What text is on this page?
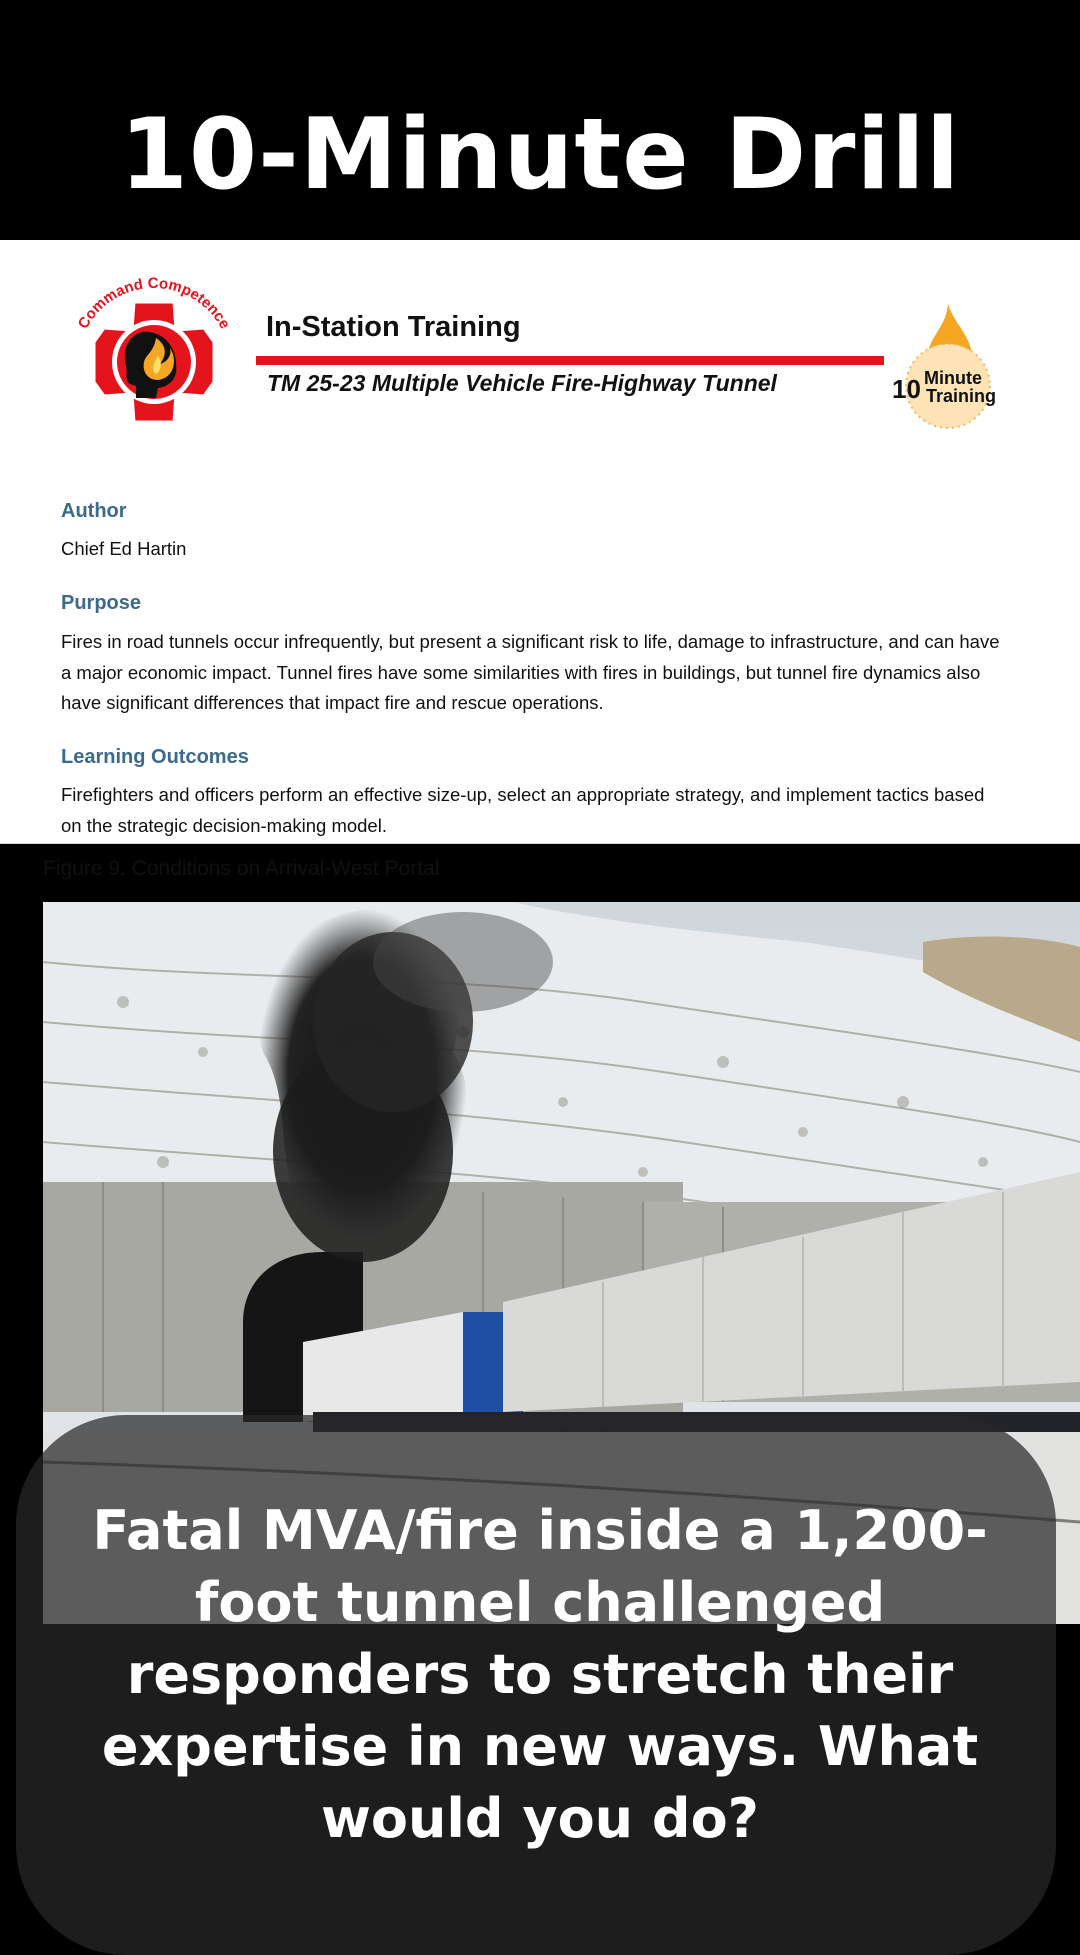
10-Minute Drill
Command Competence
CFBT-US, LLC
In-Station Training
TM 25-23 Multiple Vehicle Fire-Highway Tunnel	10 Minute
Training
Author
Chief Ed Hartin
Purpose
Fires in road tunnels occur infrequently, but present a significant risk to life, damage to infrastructure, and can have a major economic impact. Tunnel fires have some similarities with fires in buildings, but tunnel fire dynamics also have significant differences that impact fire and rescue operations.
Learning Outcomes
Firefighters and officers perform an effective size-up, select an appropriate strategy, and implement tactics based on the strategic decision-making model.
Figure 9. Conditions on Arrival-West Portal
Fatal MVA/fire inside a 1,200-foot tunnel challenged responders to stretch their expertise in new ways. What would you do?
